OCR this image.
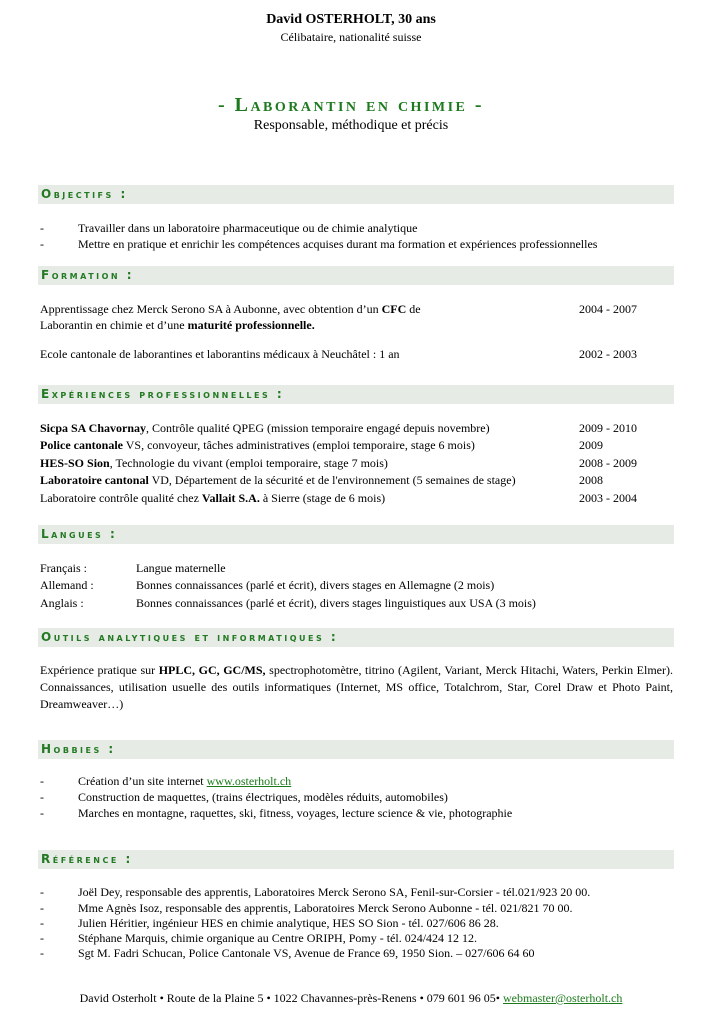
David OSTERHOLT, 30 ans
Célibataire, nationalité suisse
- Laborantin en chimie -
Responsable, méthodique et précis
Objectifs :
-	Travailler dans un laboratoire pharmaceutique ou de chimie analytique
-	Mettre en pratique et enrichir les compétences acquises durant ma formation et expériences professionnelles
Formation :
Apprentissage chez Merck Serono SA à Aubonne, avec obtention d’un CFC de	2004 - 2007
Laborantin en chimie et d’une maturité professionnelle.
Ecole cantonale de laborantines et laborantins médicaux à Neuchâtel : 1 an	2002 - 2003
Expériences professionnelles :
Sicpa SA Chavornay, Contrôle qualité QPEG (mission temporaire engagé depuis novembre)	2009 - 2010
Police cantonale VS, convoyeur, tâches administratives (emploi temporaire, stage 6 mois)	2009
HES-SO Sion, Technologie du vivant (emploi temporaire, stage 7 mois)	2008 - 2009
Laboratoire cantonal VD, Département de la sécurité et de l'environnement (5 semaines de stage)	2008
Laboratoire contrôle qualité chez Vallait S.A. à Sierre (stage de 6 mois)	2003 - 2004
Langues :
Français :	Langue maternelle
Allemand :	Bonnes connaissances (parlé et écrit), divers stages en Allemagne (2 mois)
Anglais :	Bonnes connaissances (parlé et écrit), divers stages linguistiques aux USA (3 mois)
Outils analytiques et informatiques :
Expérience pratique sur HPLC, GC, GC/MS, spectrophotomètre, titrino (Agilent, Variant, Merck Hitachi, Waters, Perkin Elmer). Connaissances, utilisation usuelle des outils informatiques (Internet, MS office, Totalchrom, Star, Corel Draw et Photo Paint, Dreamweaver…)
Hobbies :
-	Création d’un site internet www.osterholt.ch
-	Construction de maquettes, (trains électriques, modèles réduits, automobiles)
-	Marches en montagne, raquettes, ski, fitness, voyages, lecture science & vie, photographie
Référence :
-	Joël Dey, responsable des apprentis, Laboratoires Merck Serono SA, Fenil-sur-Corsier - tél.021/923 20 00.
-	Mme Agnès Isoz, responsable des apprentis, Laboratoires Merck Serono Aubonne - tél. 021/821 70 00.
-	Julien Héritier, ingénieur HES en chimie analytique, HES SO Sion - tél. 027/606 86 28.
-	Stéphane Marquis, chimie organique au Centre ORIPH, Pomy - tél. 024/424 12 12.
-	Sgt M. Fadri Schucan, Police Cantonale VS, Avenue de France 69, 1950 Sion. – 027/606 64 60
David Osterholt • Route de la Plaine 5 • 1022 Chavannes-près-Renens • 079 601 96 05• webmaster@osterholt.ch
